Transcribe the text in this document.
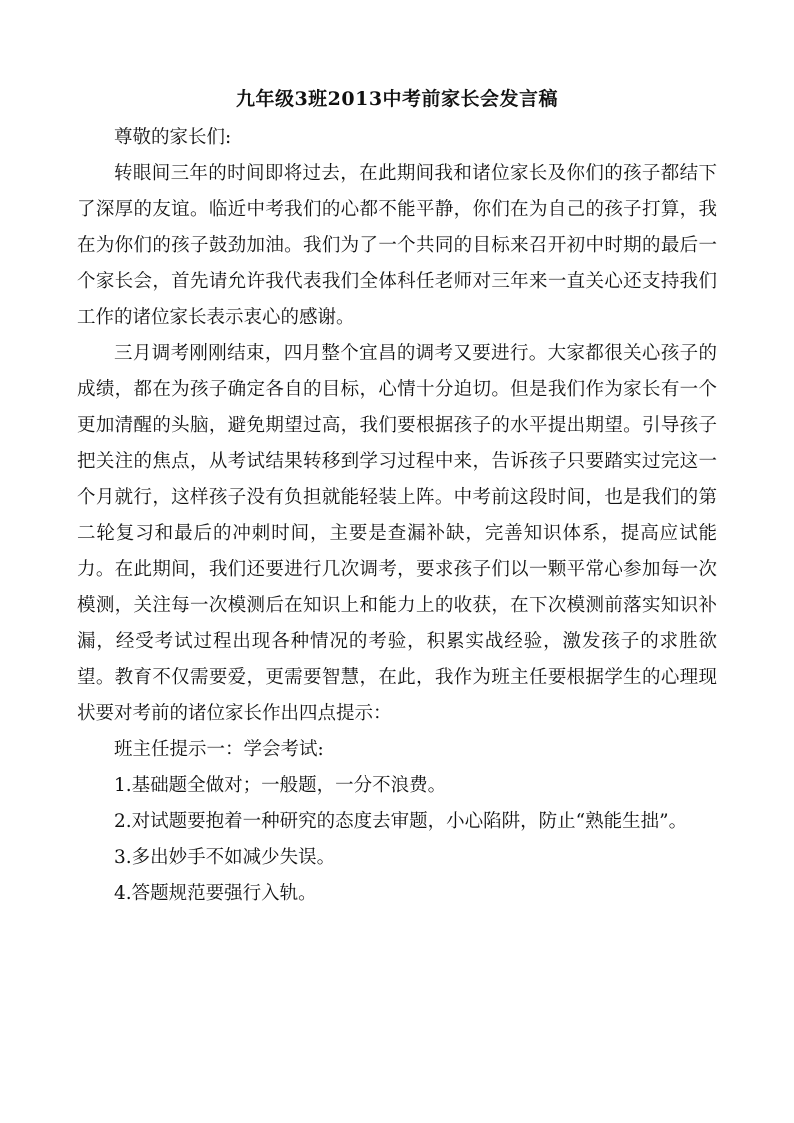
九年级3班2013中考前家长会发言稿

尊敬的家长们:

转眼间三年的时间即将过去，在此期间我和诸位家长及你们的孩子都结下了深厚的友谊。临近中考我们的心都不能平静，你们在为自己的孩子打算，我在为你们的孩子鼓劲加油。我们为了一个共同的目标来召开初中时期的最后一个家长会，首先请允许我代表我们全体科任老师对三年来一直关心还支持我们工作的诸位家长表示衷心的感谢。

三月调考刚刚结束，四月整个宜昌的调考又要进行。大家都很关心孩子的成绩，都在为孩子确定各自的目标，心情十分迫切。但是我们作为家长有一个更加清醒的头脑，避免期望过高，我们要根据孩子的水平提出期望。引导孩子把关注的焦点，从考试结果转移到学习过程中来，告诉孩子只要踏实过完这一个月就行，这样孩子没有负担就能轻装上阵。中考前这段时间，也是我们的第二轮复习和最后的冲刺时间，主要是查漏补缺，完善知识体系，提高应试能力。在此期间，我们还要进行几次调考，要求孩子们以一颗平常心参加每一次模测，关注每一次模测后在知识上和能力上的收获，在下次模测前落实知识补漏，经受考试过程出现各种情况的考验，积累实战经验，激发孩子的求胜欲望。教育不仅需要爱，更需要智慧，在此，我作为班主任要根据学生的心理现状要对考前的诸位家长作出四点提示：

班主任提示一：学会考试:

1.基础题全做对；一般题，一分不浪费。

2.对试题要抱着一种研究的态度去审题，小心陷阱，防止“熟能生拙”。

3.多出妙手不如减少失误。

4.答题规范要强行入轨。
